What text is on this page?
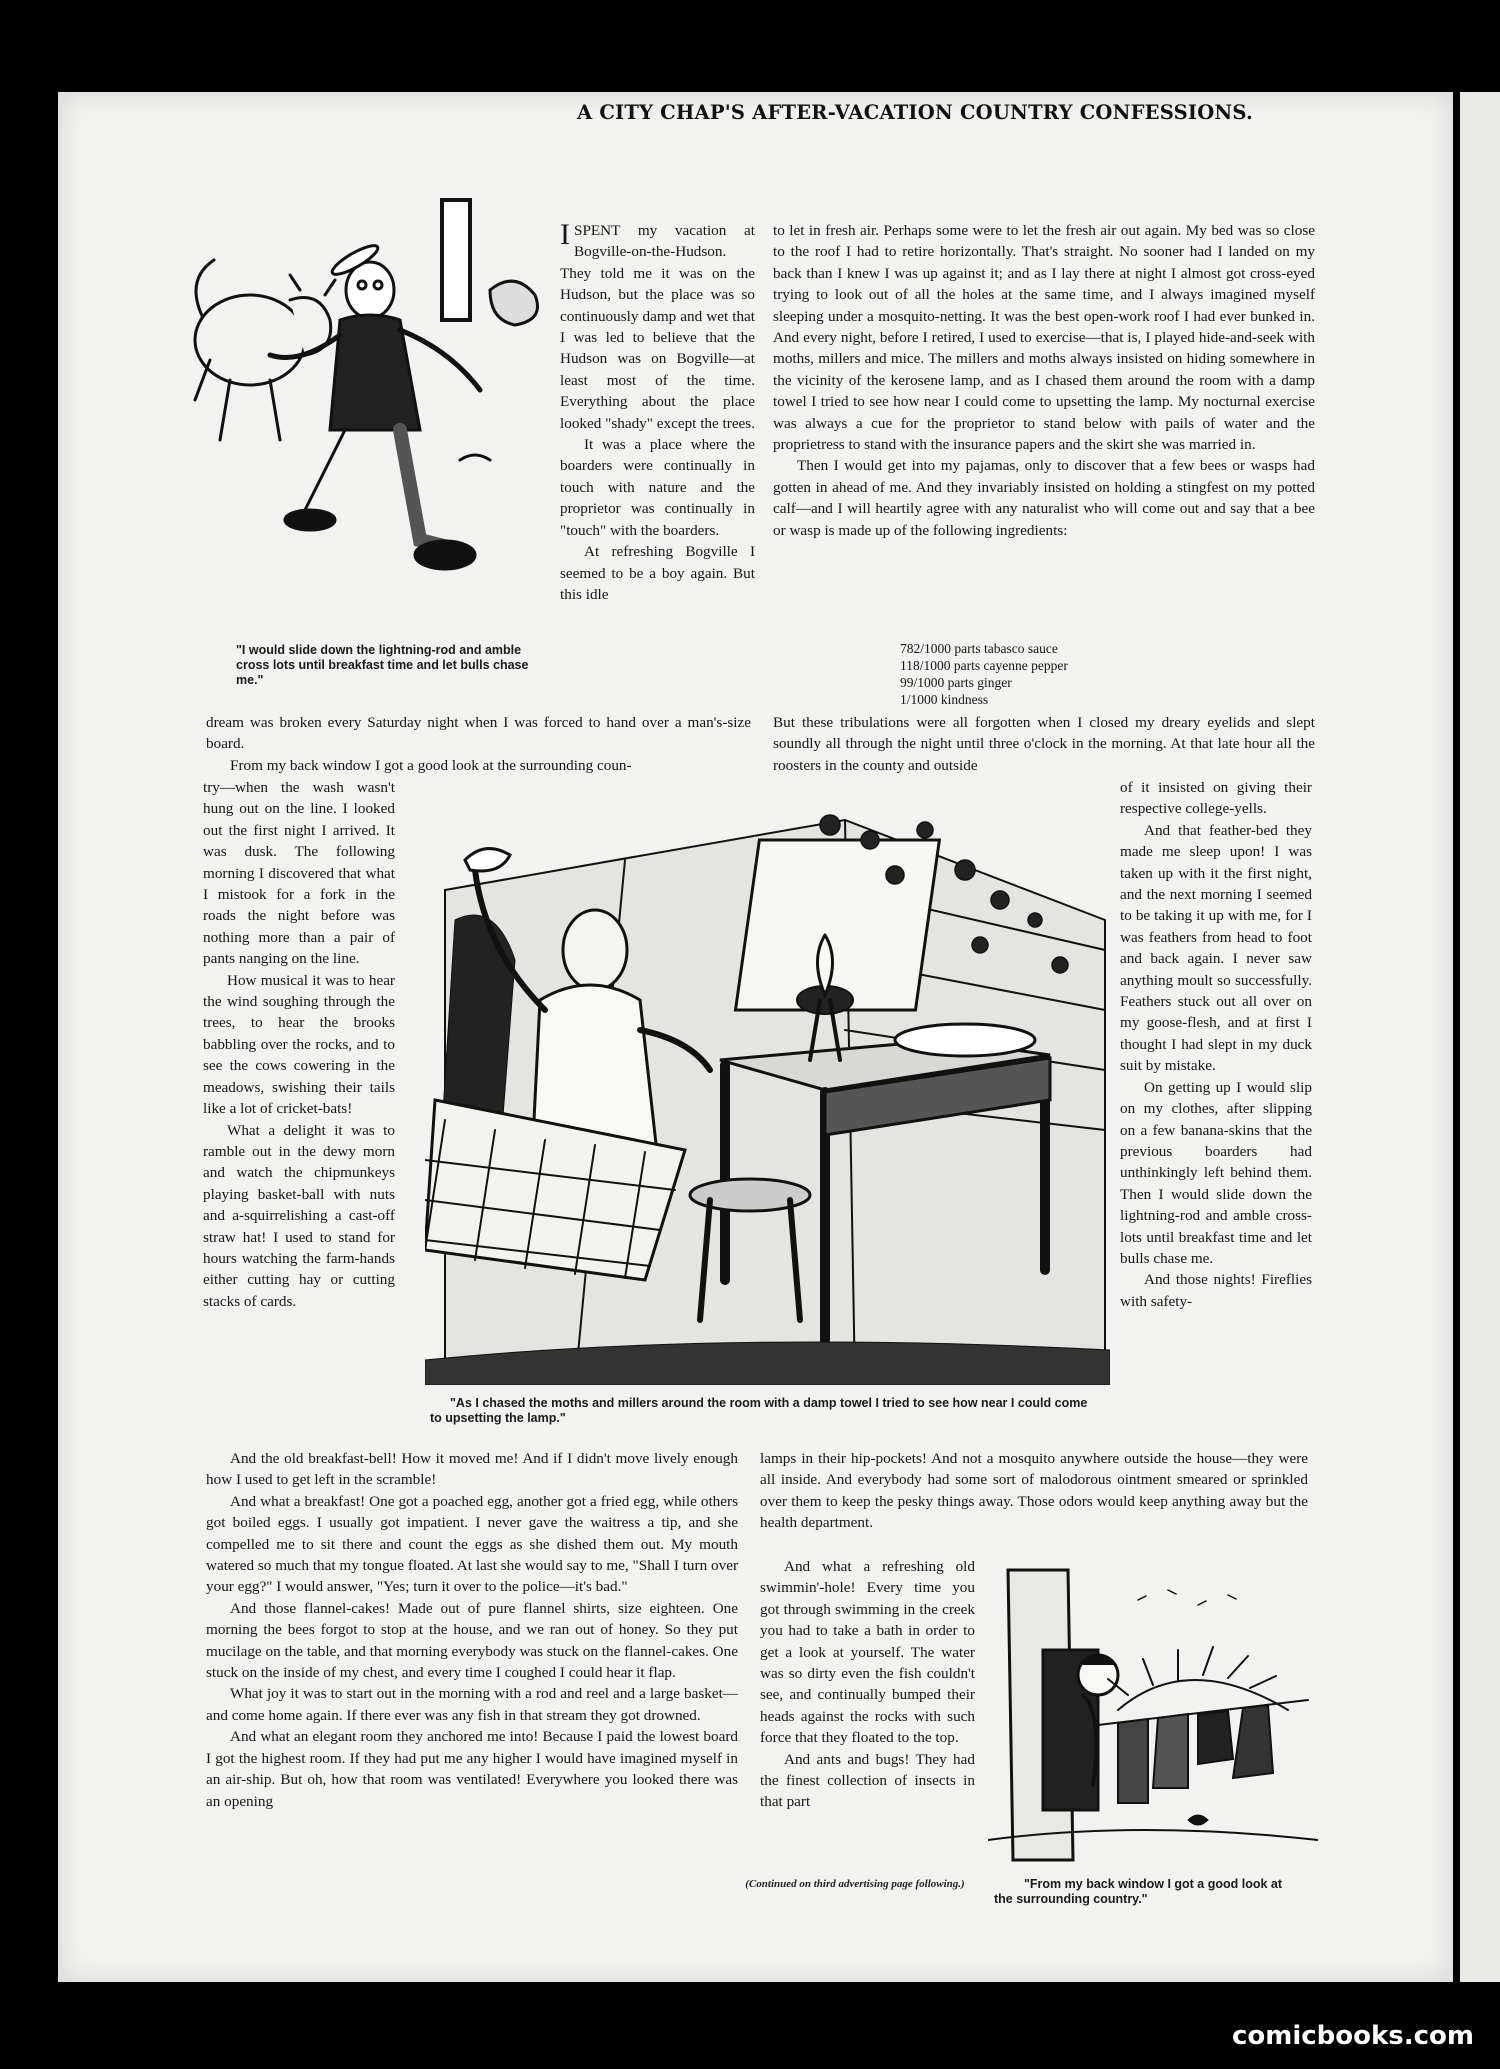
A CITY CHAP'S AFTER-VACATION COUNTRY CONFESSIONS.

ISPENT my vacation at Bogville-on-the-Hudson. They told me it was on the Hudson, but the place was so continuously damp and wet that I was led to believe that the Hudson was on Bogville—at least most of the time. Everything about the place looked "shady" except the trees.

It was a place where the boarders were continually in touch with nature and the proprietor was continually in "touch" with the boarders.

At refreshing Bogville I seemed to be a boy again. But this idle

to let in fresh air. Perhaps some were to let the fresh air out again. My bed was so close to the roof I had to retire horizontally. That's straight. No sooner had I landed on my back than I knew I was up against it; and as I lay there at night I almost got cross-eyed trying to look out of all the holes at the same time, and I always imagined myself sleeping under a mosquito-netting. It was the best open-work roof I had ever bunked in. And every night, before I retired, I used to exercise—that is, I played hide-and-seek with moths, millers and mice. The millers and moths always insisted on hiding somewhere in the vicinity of the kerosene lamp, and as I chased them around the room with a damp towel I tried to see how near I could come to upsetting the lamp. My nocturnal exercise was always a cue for the proprietor to stand below with pails of water and the proprietress to stand with the insurance papers and the skirt she was married in.

Then I would get into my pajamas, only to discover that a few bees or wasps had gotten in ahead of me. And they invariably insisted on holding a stingfest on my potted calf—and I will heartily agree with any naturalist who will come out and say that a bee or wasp is made up of the following ingredients:

782/1000 parts tabasco sauce
118/1000 parts cayenne pepper
99/1000 parts ginger
1/1000 kindness
"I would slide down the lightning-rod and amble cross lots until breakfast time and let bulls chase me."

dream was broken every Saturday night when I was forced to hand over a man's-size board.

From my back window I got a good look at the surrounding coun-

But these tribulations were all forgotten when I closed my dreary eyelids and slept soundly all through the night until three o'clock in the morning. At that late hour all the roosters in the county and outside

try—when the wash wasn't hung out on the line. I looked out the first night I arrived. It was dusk. The following morning I discovered that what I mistook for a fork in the roads the night before was nothing more than a pair of pants nanging on the line.

How musical it was to hear the wind soughing through the trees, to hear the brooks babbling over the rocks, and to see the cows cowering in the meadows, swishing their tails like a lot of cricket-bats!

What a delight it was to ramble out in the dewy morn and watch the chipmunkeys playing basket-ball with nuts and a-squirrelishing a cast-off straw hat! I used to stand for hours watching the farm-hands either cutting hay or cutting stacks of cards.

"As I chased the moths and millers around the room with a damp towel I tried to see how near I could come to upsetting the lamp."

of it insisted on giving their respective college-yells.

And that feather-bed they made me sleep upon! I was taken up with it the first night, and the next morning I seemed to be taking it up with me, for I was feathers from head to foot and back again. I never saw anything moult so successfully. Feathers stuck out all over on my goose-flesh, and at first I thought I had slept in my duck suit by mistake.

On getting up I would slip on my clothes, after slipping on a few banana-skins that the previous boarders had unthinkingly left behind them. Then I would slide down the lightning-rod and amble cross-lots until breakfast time and let bulls chase me.

And those nights! Fireflies with safety-

And the old breakfast-bell! How it moved me! And if I didn't move lively enough how I used to get left in the scramble!

And what a breakfast! One got a poached egg, another got a fried egg, while others got boiled eggs. I usually got impatient. I never gave the waitress a tip, and she compelled me to sit there and count the eggs as she dished them out. My mouth watered so much that my tongue floated. At last she would say to me, "Shall I turn over your egg?" I would answer, "Yes; turn it over to the police—it's bad."

And those flannel-cakes! Made out of pure flannel shirts, size eighteen. One morning the bees forgot to stop at the house, and we ran out of honey. So they put mucilage on the table, and that morning everybody was stuck on the flannel-cakes. One stuck on the inside of my chest, and every time I coughed I could hear it flap.

What joy it was to start out in the morning with a rod and reel and a large basket—and come home again. If there ever was any fish in that stream they got drowned.

And what an elegant room they anchored me into! Because I paid the lowest board I got the highest room. If they had put me any higher I would have imagined myself in an air-ship. But oh, how that room was ventilated! Everywhere you looked there was an opening

lamps in their hip-pockets! And not a mosquito anywhere outside the house—they were all inside. And everybody had some sort of malodorous ointment smeared or sprinkled over them to keep the pesky things away. Those odors would keep anything away but the health department.

And what a refreshing old swimmin'-hole! Every time you got through swimming in the creek you had to take a bath in order to get a look at yourself. The water was so dirty even the fish couldn't see, and continually bumped their heads against the rocks with such force that they floated to the top.

And ants and bugs! They had the finest collection of insects in that part

(Continued on third advertising page following.)	"From my back window I got a good look at the surrounding country."
comicbooks.com
